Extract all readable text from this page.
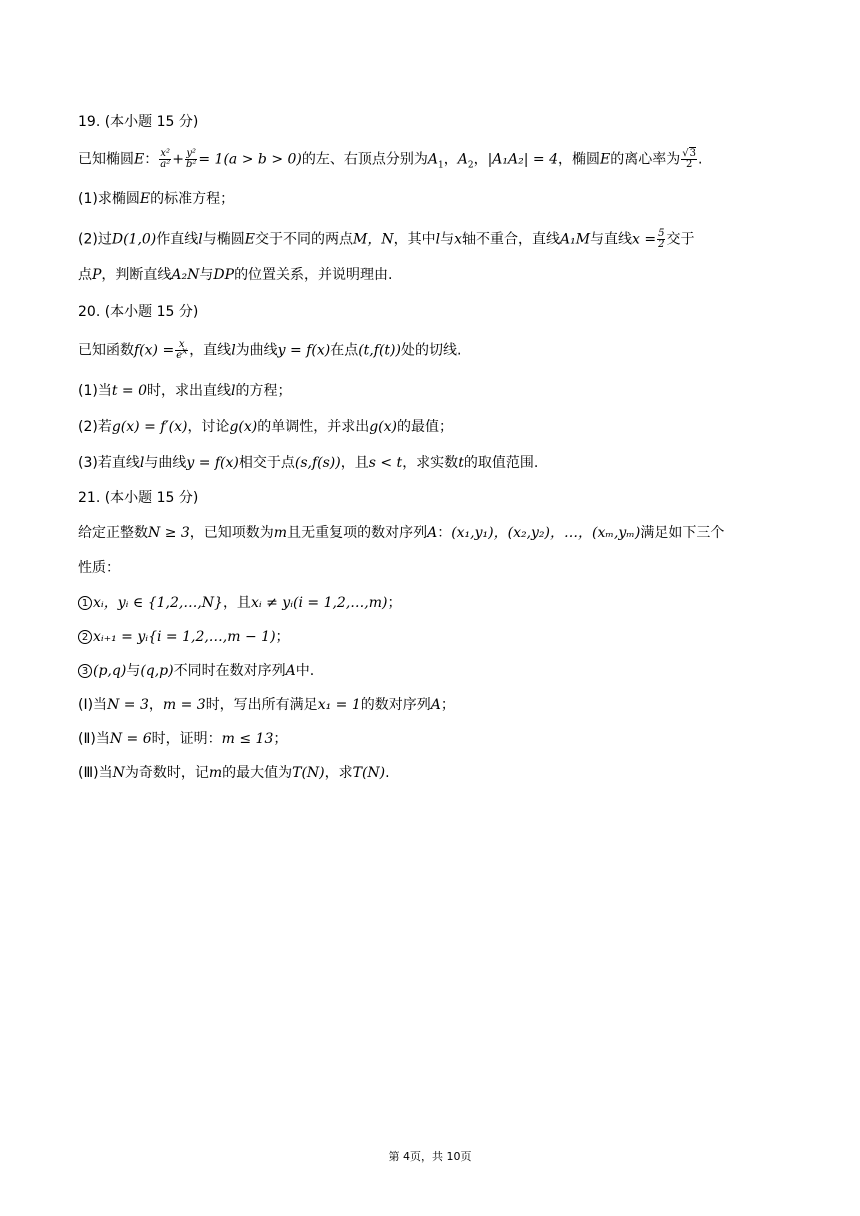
19. (本小题 15 分)
已知椭圆E： $\frac{\text{x²}}{\text{a²}} + \frac{\text{y²}}{\text{b²}} = 1(a > b > 0)$的左、右顶点分别为$A_1$，$A_2$，|A₁A₂| = 4，椭圆E的离心率为 $\frac{√3}{2}$ .
(1)求椭圆E的标准方程；
(2)过D(1,0)作直线l与椭圆E交于不同的两点M，N，其中l与x轴不重合，直线A₁M与直线$x = \frac{5}{2}$ 交于
点P，判断直线A₂N与DP的位置关系，并说明理由.
20. (本小题 15 分)
已知函数$f(x) = \frac{x}{e^x}$ ，直线l为曲线y = f(x)在点(t,f(t))处的切线.
(1)当t = 0时，求出直线l的方程；
(2)若g(x) = f′(x)，讨论g(x)的单调性，并求出g(x)的最值；
(3)若直线l与曲线y = f(x)相交于点(s,f(s))，且s < t，求实数t的取值范围.
21. (本小题 15 分)
给定正整数N ≥ 3，已知项数为m且无重复项的数对序列A：(x₁,y₁)，(x₂,y₂)，…，(xₘ,yₘ)满足如下三个
性质：
1 xᵢ，yᵢ ∈ {1,2,…,N}，且xᵢ ≠ yᵢ(i = 1,2,…,m)；
2 xᵢ₊₁ = yᵢ{i = 1,2,…,m − 1)；
3 (p,q)与(q,p)不同时在数对序列A中.
(Ⅰ)当N = 3，m = 3时，写出所有满足x₁ = 1的数对序列A；
(Ⅱ)当N = 6时，证明：m ≤ 13；
(Ⅲ)当N为奇数时，记m的最大值为T(N)，求T(N).
第 4页，共 10页
